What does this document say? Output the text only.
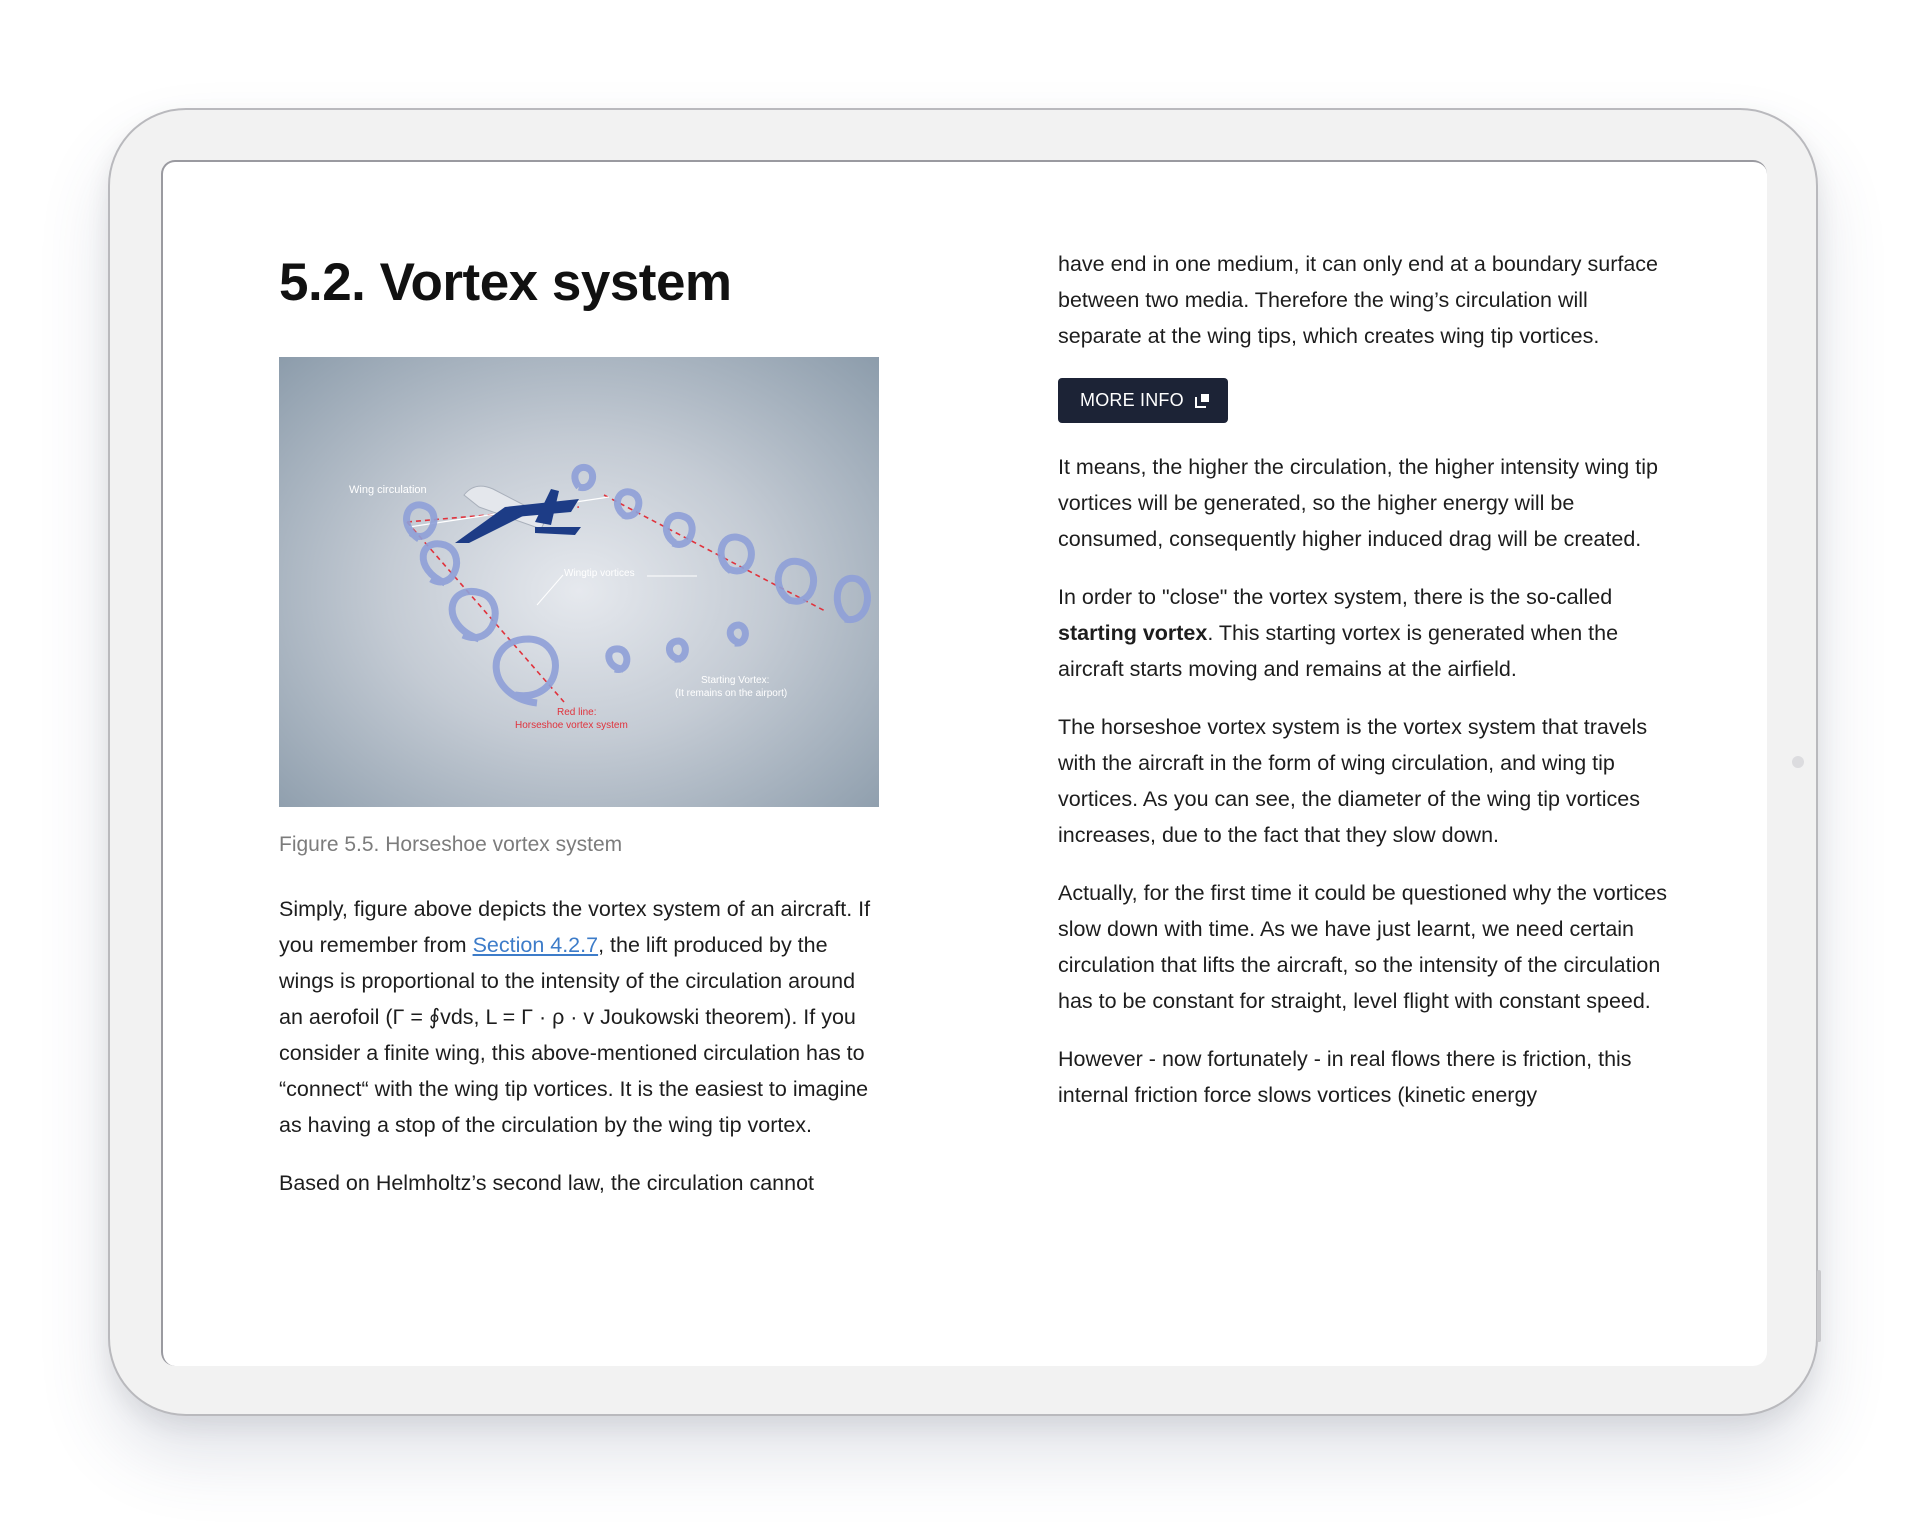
5.2. Vortex system
Wing circulation
Wingtip vortices
Starting Vortex:
(It remains on the airport)
Red line:
Horseshoe vortex system
Figure 5.5. Horseshoe vortex system

Simply, figure above depicts the vortex system of an aircraft. If you remember from Section 4.2.7, the lift produced by the wings is proportional to the intensity of the circulation around an aerofoil (Γ = ∮vds, L = Γ · ρ · v Joukowski theorem). If you consider a finite wing, this above-mentioned circulation has to “connect“ with the wing tip vortices. It is the easiest to imagine as having a stop of the circulation by the wing tip vortex.

Based on Helmholtz’s second law, the circulation cannot

have end in one medium, it can only end at a boundary surface between two media. Therefore the wing’s circulation will separate at the wing tips, which creates wing tip vortices.

MORE INFO

It means, the higher the circulation, the higher intensity wing tip vortices will be generated, so the higher energy will be consumed, consequently higher induced drag will be created.

In order to "close" the vortex system, there is the so-called starting vortex. This starting vortex is generated when the aircraft starts moving and remains at the airfield.

The horseshoe vortex system is the vortex system that travels with the aircraft in the form of wing circulation, and wing tip vortices. As you can see, the diameter of the wing tip vortices increases, due to the fact that they slow down.

Actually, for the first time it could be questioned why the vortices slow down with time. As we have just learnt, we need certain circulation that lifts the aircraft, so the intensity of the circulation has to be constant for straight, level flight with constant speed.

However - now fortunately - in real flows there is friction, this internal friction force slows vortices (kinetic energy
